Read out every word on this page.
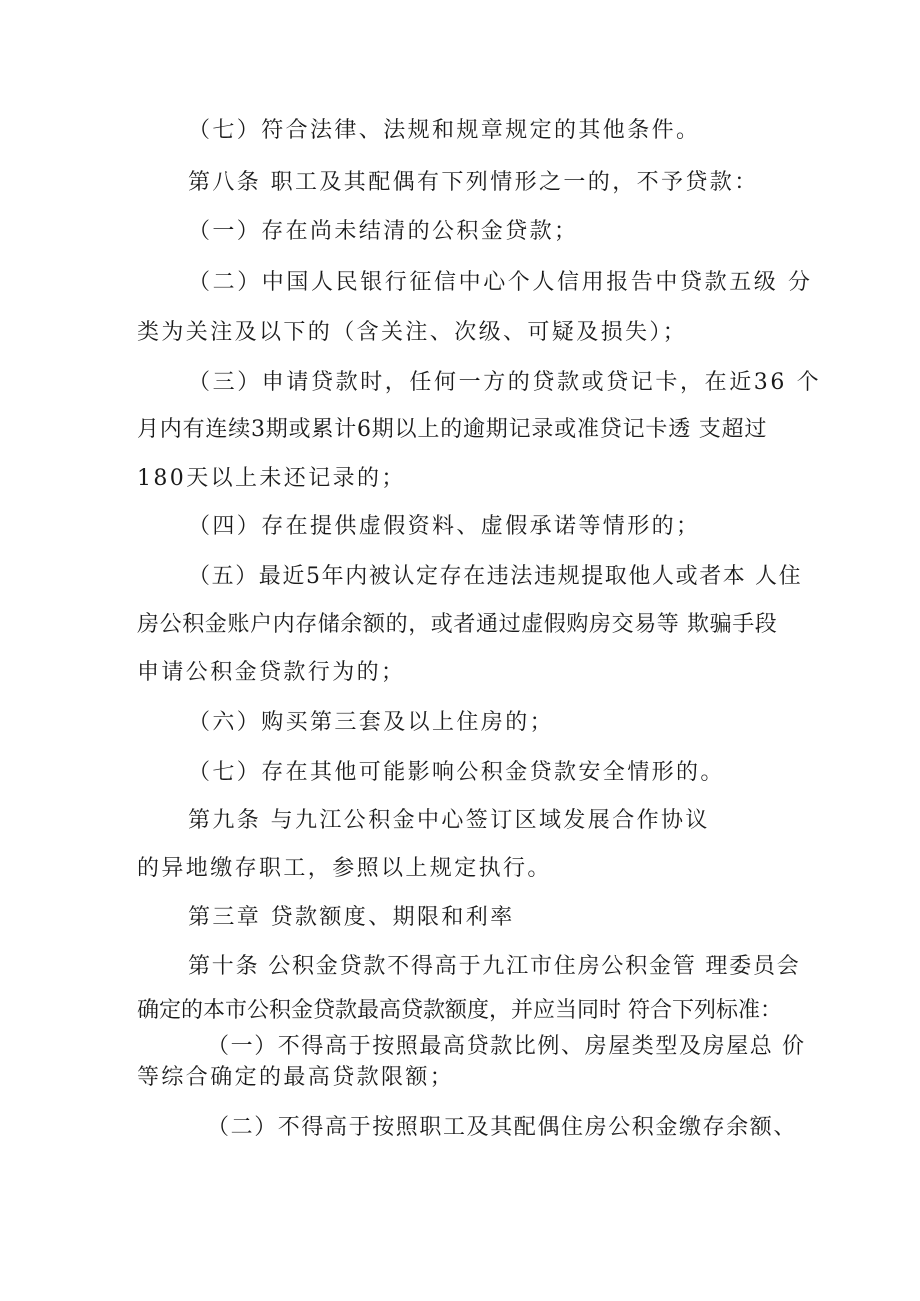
（七）符合法律、法规和规章规定的其他条件。
第八条 职工及其配偶有下列情形之一的，不予贷款：
（一）存在尚未结清的公积金贷款；
（二）中国人民银行征信中心个人信用报告中贷款五级 分
类为关注及以下的（含关注、次级、可疑及损失）；
（三）申请贷款时，任何一方的贷款或贷记卡，在近36 个
月内有连续3期或累计6期以上的逾期记录或准贷记卡透 支超过
180天以上未还记录的；
（四）存在提供虚假资料、虚假承诺等情形的；
（五）最近5年内被认定存在违法违规提取他人或者本 人住
房公积金账户内存储余额的，或者通过虚假购房交易等 欺骗手段
申请公积金贷款行为的；
（六）购买第三套及以上住房的；
（七）存在其他可能影响公积金贷款安全情形的。
第九条 与九江公积金中心签订区域发展合作协议
的异地缴存职工，参照以上规定执行。
第三章 贷款额度、期限和利率
第十条 公积金贷款不得高于九江市住房公积金管 理委员会
确定的本市公积金贷款最高贷款额度，并应当同时 符合下列标准：
（一）不得高于按照最高贷款比例、房屋类型及房屋总 价
等综合确定的最高贷款限额；
（二）不得高于按照职工及其配偶住房公积金缴存余额、
